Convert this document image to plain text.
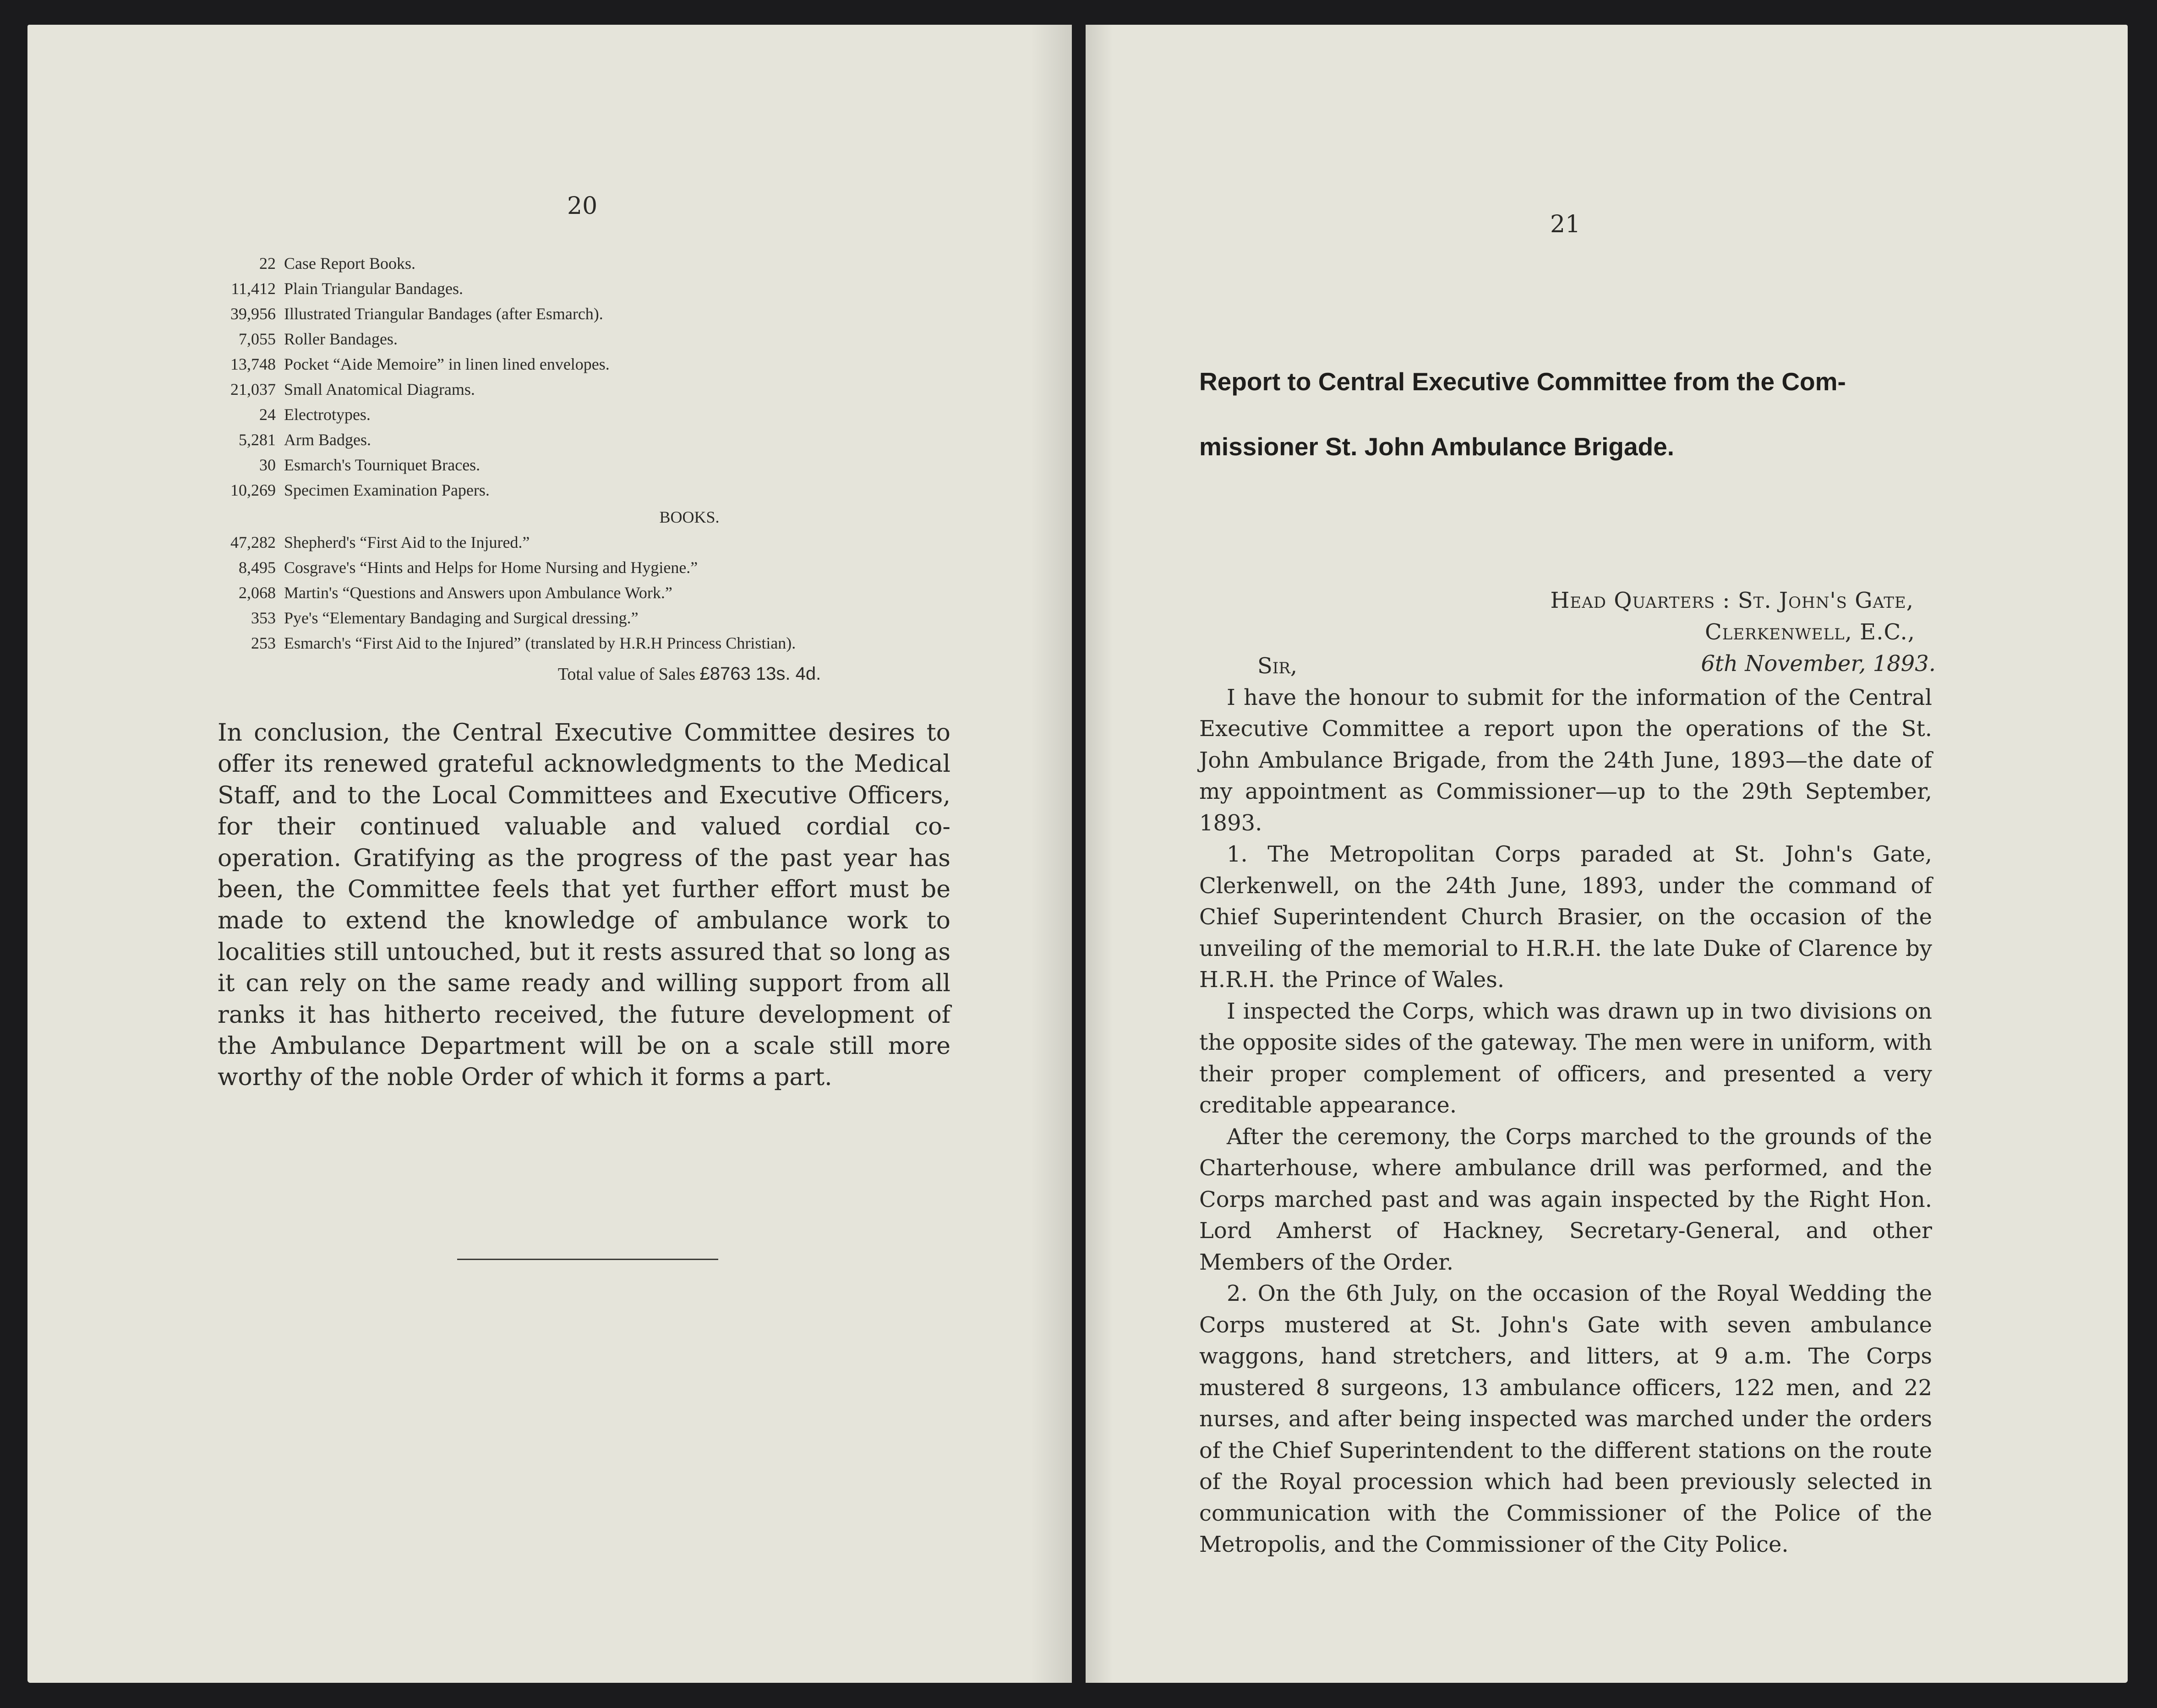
20
22 Case Report Books.
11,412 Plain Triangular Bandages.
39,956 Illustrated Triangular Bandages (after Esmarch).
7,055 Roller Bandages.
13,748 Pocket “Aide Memoire” in linen lined envelopes.
21,037 Small Anatomical Diagrams.
24 Electrotypes.
5,281 Arm Badges.
30 Esmarch's Tourniquet Braces.
10,269 Specimen Examination Papers.
BOOKS.
47,282 Shepherd's “First Aid to the Injured.”
8,495 Cosgrave's “Hints and Helps for Home Nursing and Hygiene.”
2,068 Martin's “Questions and Answers upon Ambulance Work.”
353 Pye's “Elementary Bandaging and Surgical dressing.”
253 Esmarch's “First Aid to the Injured” (translated by H.R.H Princess Christian).
Total value of Sales £8763 13s. 4d.

In conclusion, the Central Executive Committee desires to offer its renewed grateful acknowledgments to the Medical Staff, and to the Local Committees and Executive Officers, for their continued valuable and valued cordial co-operation. Gratifying as the progress of the past year has been, the Committee feels that yet further effort must be made to extend the knowledge of ambulance work to localities still untouched, but it rests assured that so long as it can rely on the same ready and willing support from all ranks it has hitherto received, the future development of the Ambulance Department will be on a scale still more worthy of the noble Order of which it forms a part.

21
Report to Central Executive Committee from the Com-
missioner St. John Ambulance Brigade.
Head Quarters : St. John's Gate,
Clerkenwell, E.C.,
6th November, 1893.
Sir,

I have the honour to submit for the information of the Central Executive Committee a report upon the operations of the St. John Ambulance Brigade, from the 24th June, 1893—the date of my appointment as Commissioner—up to the 29th September, 1893.

1. The Metropolitan Corps paraded at St. John's Gate, Clerkenwell, on the 24th June, 1893, under the command of Chief Superintendent Church Brasier, on the occasion of the unveiling of the memorial to H.R.H. the late Duke of Clarence by H.R.H. the Prince of Wales.

I inspected the Corps, which was drawn up in two divisions on the opposite sides of the gateway. The men were in uniform, with their proper complement of officers, and presented a very creditable appearance.

After the ceremony, the Corps marched to the grounds of the Charterhouse, where ambulance drill was performed, and the Corps marched past and was again inspected by the Right Hon. Lord Amherst of Hackney, Secretary-General, and other Members of the Order.

2. On the 6th July, on the occasion of the Royal Wedding the Corps mustered at St. John's Gate with seven ambulance waggons, hand stretchers, and litters, at 9 a.m. The Corps mustered 8 surgeons, 13 ambulance officers, 122 men, and 22 nurses, and after being inspected was marched under the orders of the Chief Superintendent to the different stations on the route of the Royal procession which had been previously selected in communication with the Commissioner of the Police of the Metropolis, and the Commissioner of the City Police.
